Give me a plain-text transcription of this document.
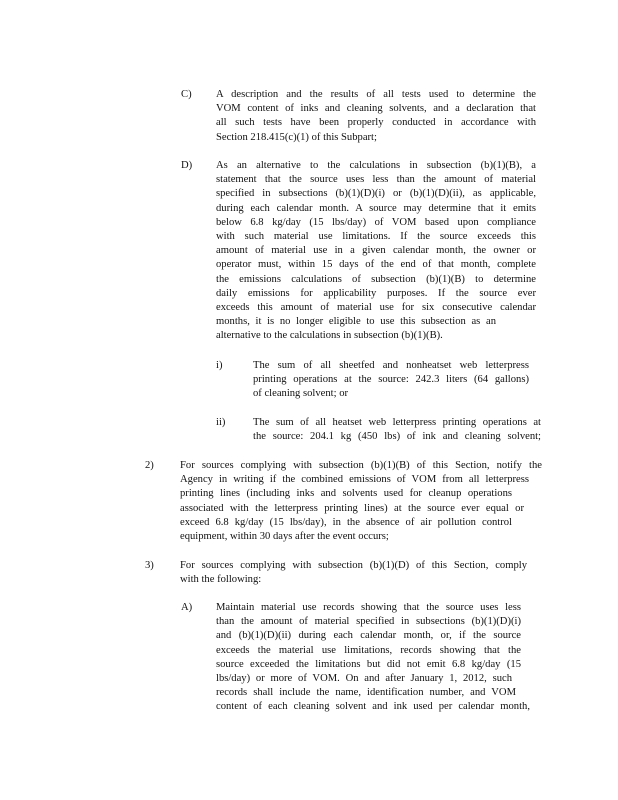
C) A description and the results of all tests used to determine the
VOM content of inks and cleaning solvents, and a declaration that
all such tests have been properly conducted in accordance with
Section 218.415(c)(1) of this Subpart;
D) As an alternative to the calculations in subsection (b)(1)(B), a
statement that the source uses less than the amount of material
specified in subsections (b)(1)(D)(i) or (b)(1)(D)(ii), as applicable,
during each calendar month. A source may determine that it emits
below 6.8 kg/day (15 lbs/day) of VOM based upon compliance
with such material use limitations. If the source exceeds this
amount of material use in a given calendar month, the owner or
operator must, within 15 days of the end of that month, complete
the emissions calculations of subsection (b)(1)(B) to determine
daily emissions for applicability purposes. If the source ever
exceeds this amount of material use for six consecutive calendar
months, it is no longer eligible to use this subsection as an
alternative to the calculations in subsection (b)(1)(B).
i)	The sum of all sheetfed and nonheatset web letterpress
printing operations at the source: 242.3 liters (64 gallons)
of cleaning solvent; or
ii)	The sum of all heatset web letterpress printing operations at
the source: 204.1 kg (450 lbs) of ink and cleaning solvent;
2) For sources complying with subsection (b)(1)(B) of this Section, notify the
Agency in writing if the combined emissions of VOM from all letterpress
printing lines (including inks and solvents used for cleanup operations
associated with the letterpress printing lines) at the source ever equal or
exceed 6.8 kg/day (15 lbs/day), in the absence of air pollution control
equipment, within 30 days after the event occurs;
3) For sources complying with subsection (b)(1)(D) of this Section, comply
with the following:
A) Maintain material use records showing that the source uses less
than the amount of material specified in subsections (b)(1)(D)(i)
and (b)(1)(D)(ii) during each calendar month, or, if the source
exceeds the material use limitations, records showing that the
source exceeded the limitations but did not emit 6.8 kg/day (15
lbs/day) or more of VOM. On and after January 1, 2012, such
records shall include the name, identification number, and VOM
content of each cleaning solvent and ink used per calendar month,
